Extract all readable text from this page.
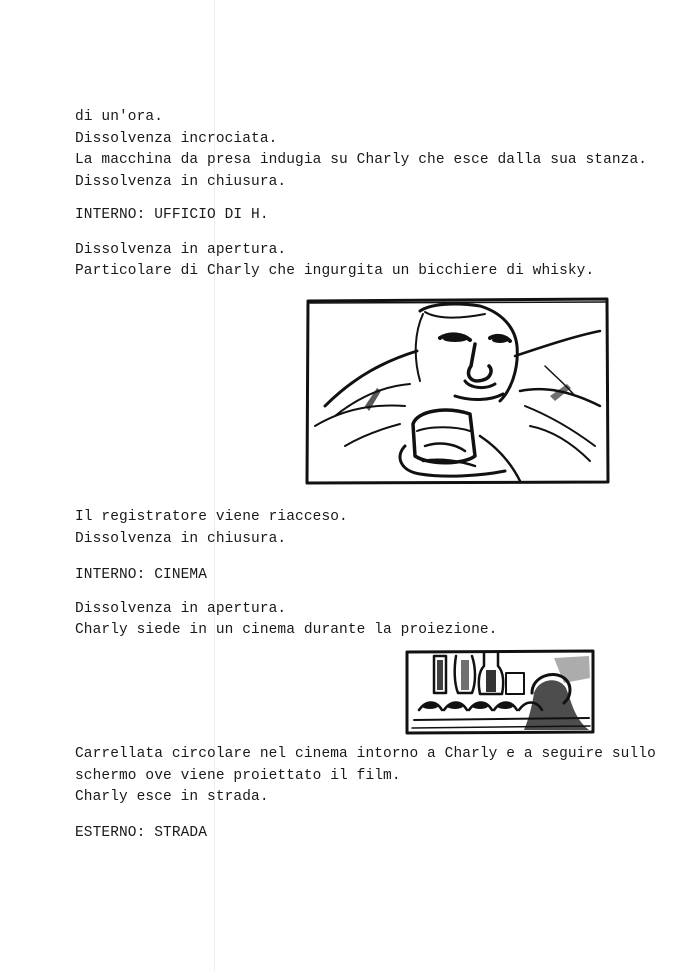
di un'ora.
Dissolvenza incrociata.
La macchina da presa indugia su Charly che esce dalla sua stanza.
Dissolvenza in chiusura.
INTERNO: UFFICIO DI H.
Dissolvenza in apertura.
Particolare di Charly che ingurgita un bicchiere di whisky.
Il registratore viene riacceso.
Dissolvenza in chiusura.
INTERNO: CINEMA
Dissolvenza in apertura.
Charly siede in un cinema durante la proiezione.
Carrellata circolare nel cinema intorno a Charly e a seguire sullo
schermo ove viene proiettato il film.
Charly esce in strada.
ESTERNO: STRADA
